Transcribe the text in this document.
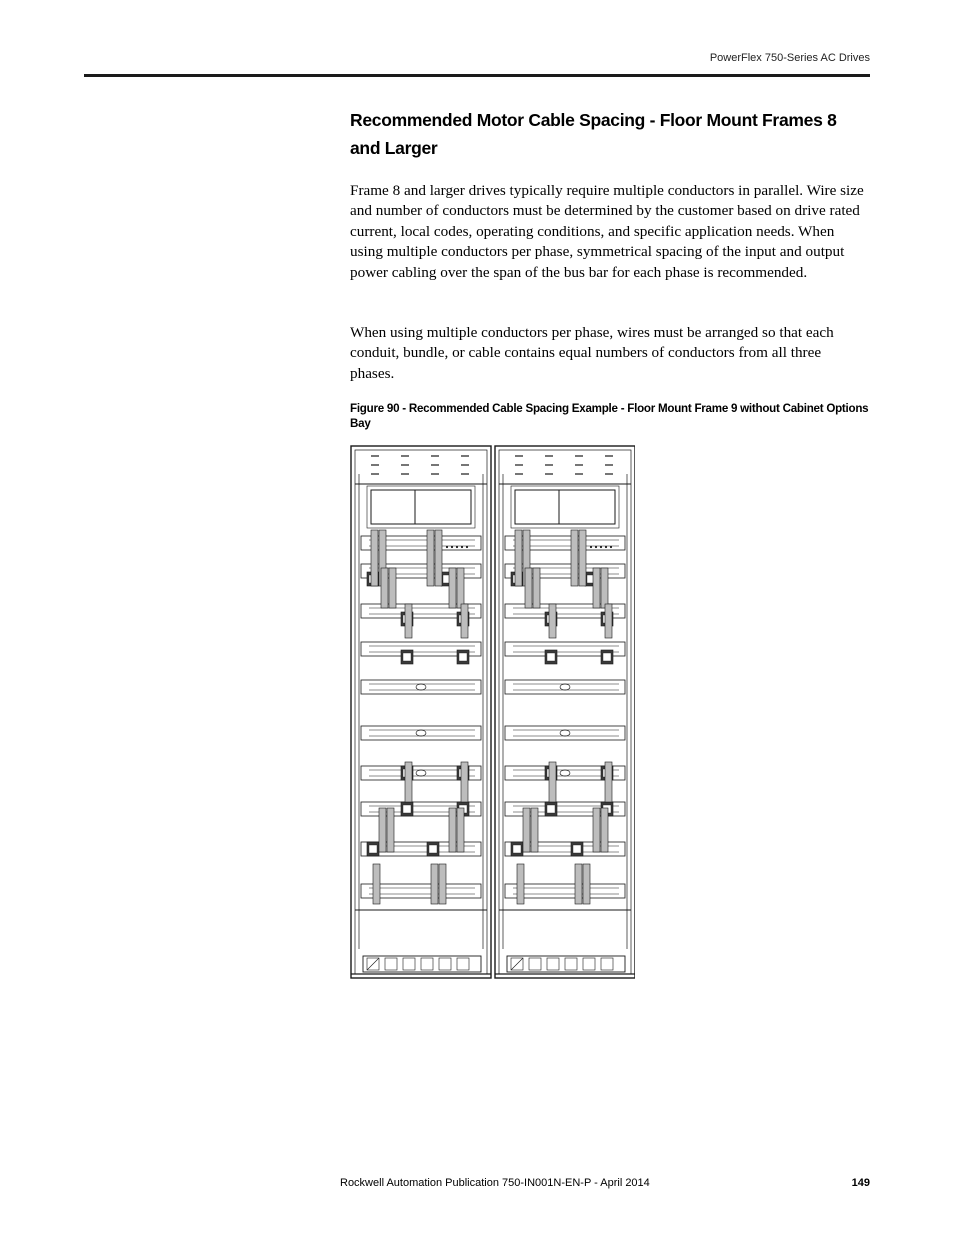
PowerFlex 750-Series AC Drives
Recommended Motor Cable Spacing - Floor Mount Frames 8 and Larger
Frame 8 and larger drives typically require multiple conductors in parallel. Wire size and number of conductors must be determined by the customer based on drive rated current, local codes, operating conditions, and specific application needs. When using multiple conductors per phase, symmetrical spacing of the input and output power cabling over the span of the bus bar for each phase is recommended.
When using multiple conductors per phase, wires must be arranged so that each conduit, bundle, or cable contains equal numbers of conductors from all three phases.
Figure 90 - Recommended Cable Spacing Example - Floor Mount Frame 9 without Cabinet Options Bay
Rockwell Automation Publication 750-IN001N-EN-P - April 2014	149
